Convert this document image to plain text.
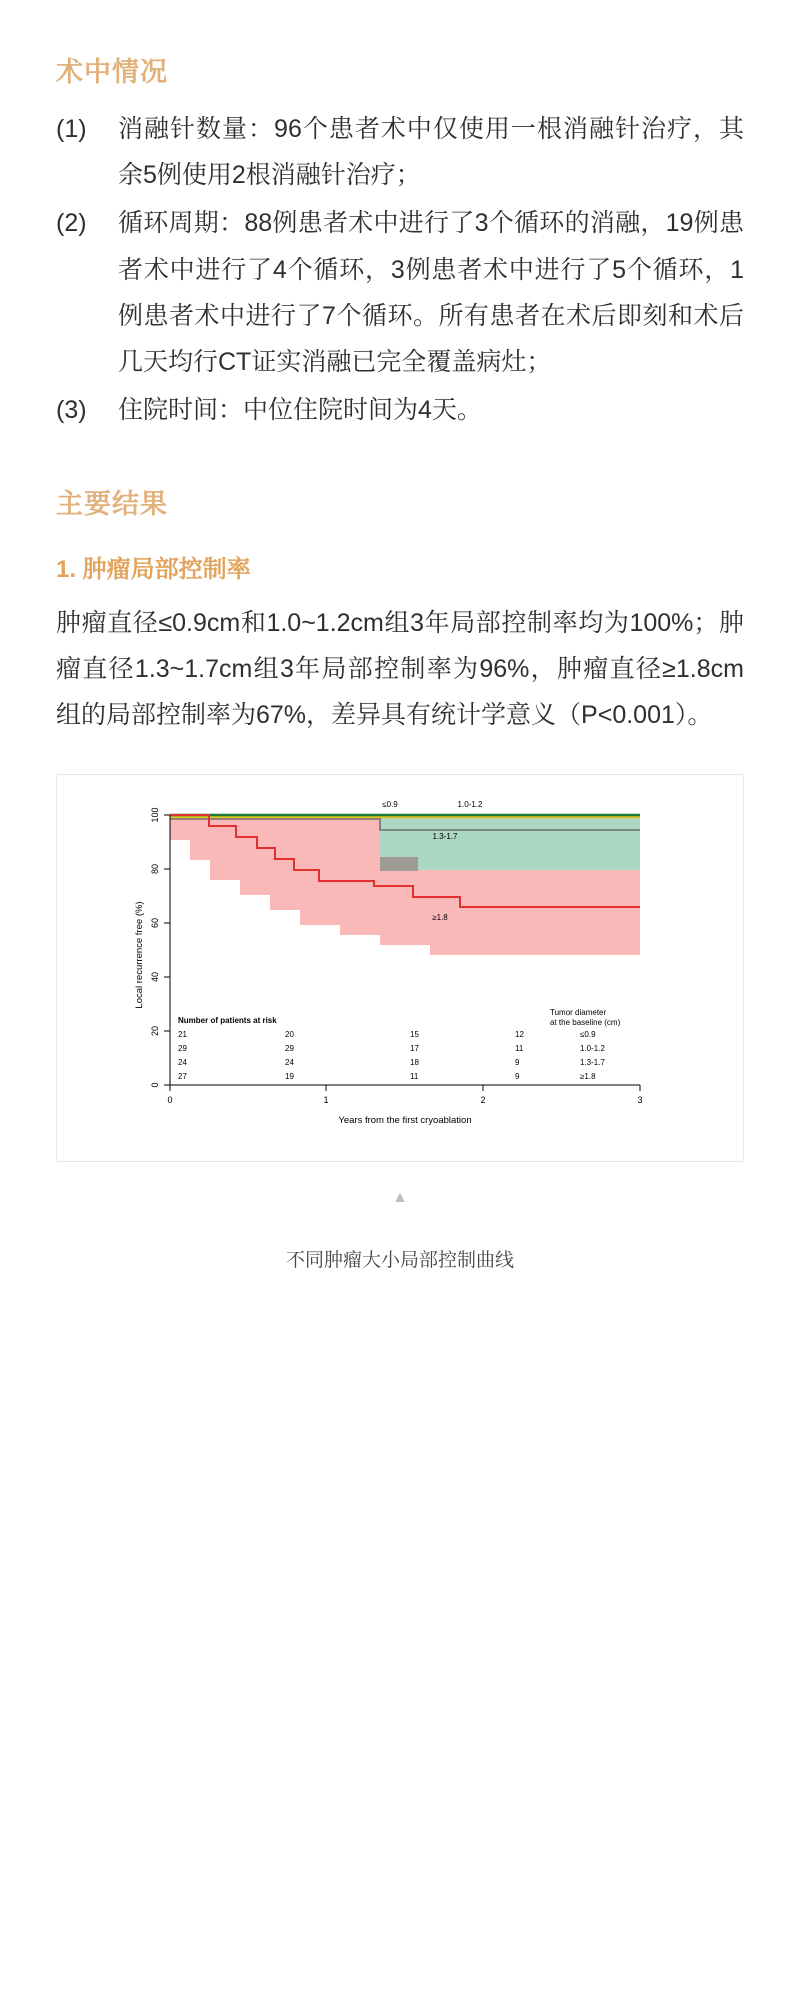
术中情况
(1)	消融针数量：96个患者术中仅使用一根消融针治疗，其余5例使用2根消融针治疗；
(2)	循环周期：88例患者术中进行了3个循环的消融，19例患者术中进行了4个循环，3例患者术中进行了5个循环，1例患者术中进行了7个循环。所有患者在术后即刻和术后几天均行CT证实消融已完全覆盖病灶；
(3)	住院时间：中位住院时间为4天。
主要结果
1. 肿瘤局部控制率

肿瘤直径≤0.9cm和1.0~1.2cm组3年局部控制率均为100%；肿瘤直径1.3~1.7cm组3年局部控制率为96%，肿瘤直径≥1.8cm组的局部控制率为67%，差异具有统计学意义（P<0.001）。

100
80
60
40
20
0
0	1	2	3
Local recurrence free (%)
Years from the first cryoablation
≤0.9	1.0-1.2
1.3-1.7
≥1.8
Number of patients at risk
Tumor diameter
at the baseline (cm)
21	20	15	12	≤0.9
29	29	17	11	1.0-1.2
24	24	18	9	1.3-1.7
27	19	11	9	≥1.8
▲
不同肿瘤大小局部控制曲线
